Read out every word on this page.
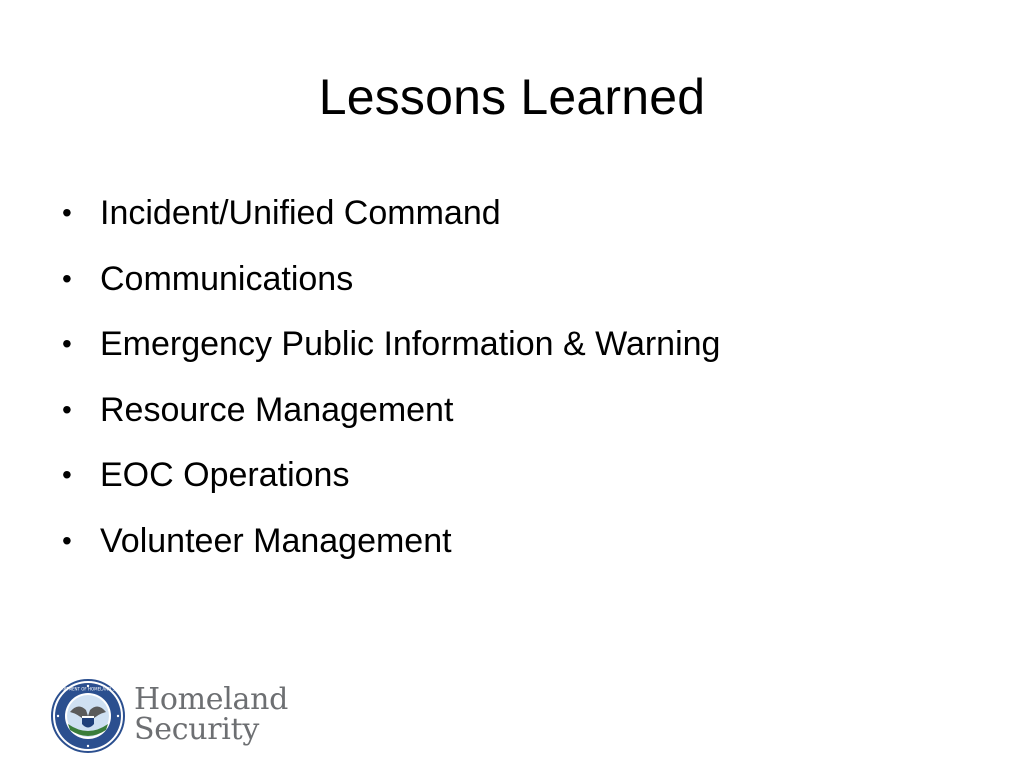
Lessons Learned
• Incident/Unified Command
• Communications
• Emergency Public Information & Warning
• Resource Management
• EOC Operations
• Volunteer Management
U.S. DEPARTMENT OF HOMELAND SECURITY Homeland
Security
